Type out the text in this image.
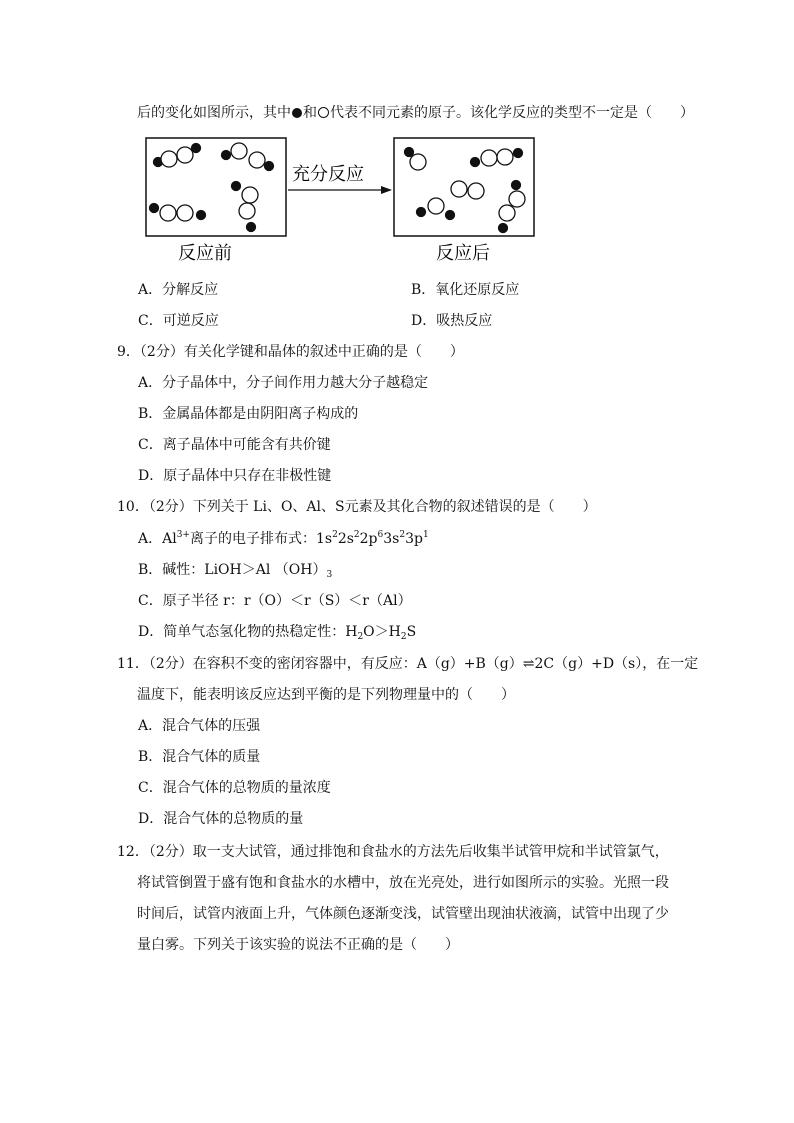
后的变化如图所示，其中 和 代表不同元素的原子。该化学反应的类型不一定是（　　）
充分反应
反应前	反应后
A．分解反应	B．氧化还原反应
C．可逆反应	D．吸热反应
9．（2分）有关化学键和晶体的叙述中正确的是（　　）
A．分子晶体中，分子间作用力越大分子越稳定
B．金属晶体都是由阴阳离子构成的
C．离子晶体中可能含有共价键
D．原子晶体中只存在非极性键
10．（2分）下列关于 Li、O、Al、S元素及其化合物的叙述错误的是（　　）
A．$Al^{3+}$离子的电子排布式：$1s^22s^22p^63s^23p^1$
B．碱性：LiOH＞Al $(OH)_3$
C．原子半径 r：r（O）＜r（S）＜r（Al）
D．简单气态氢化物的热稳定性：$H_2O>H_2S$
11．（2分）在容积不变的密闭容器中，有反应：A（g）+B（g）⇌2C（g）+D（s），在一定
温度下，能表明该反应达到平衡的是下列物理量中的（　　）
A．混合气体的压强
B．混合气体的质量
C．混合气体的总物质的量浓度
D．混合气体的总物质的量
12．（2分）取一支大试管，通过排饱和食盐水的方法先后收集半试管甲烷和半试管氯气，
将试管倒置于盛有饱和食盐水的水槽中，放在光亮处，进行如图所示的实验。光照一段
时间后，试管内液面上升，气体颜色逐渐变浅，试管壁出现油状液滴，试管中出现了少
量白雾。下列关于该实验的说法不正确的是（　　）
